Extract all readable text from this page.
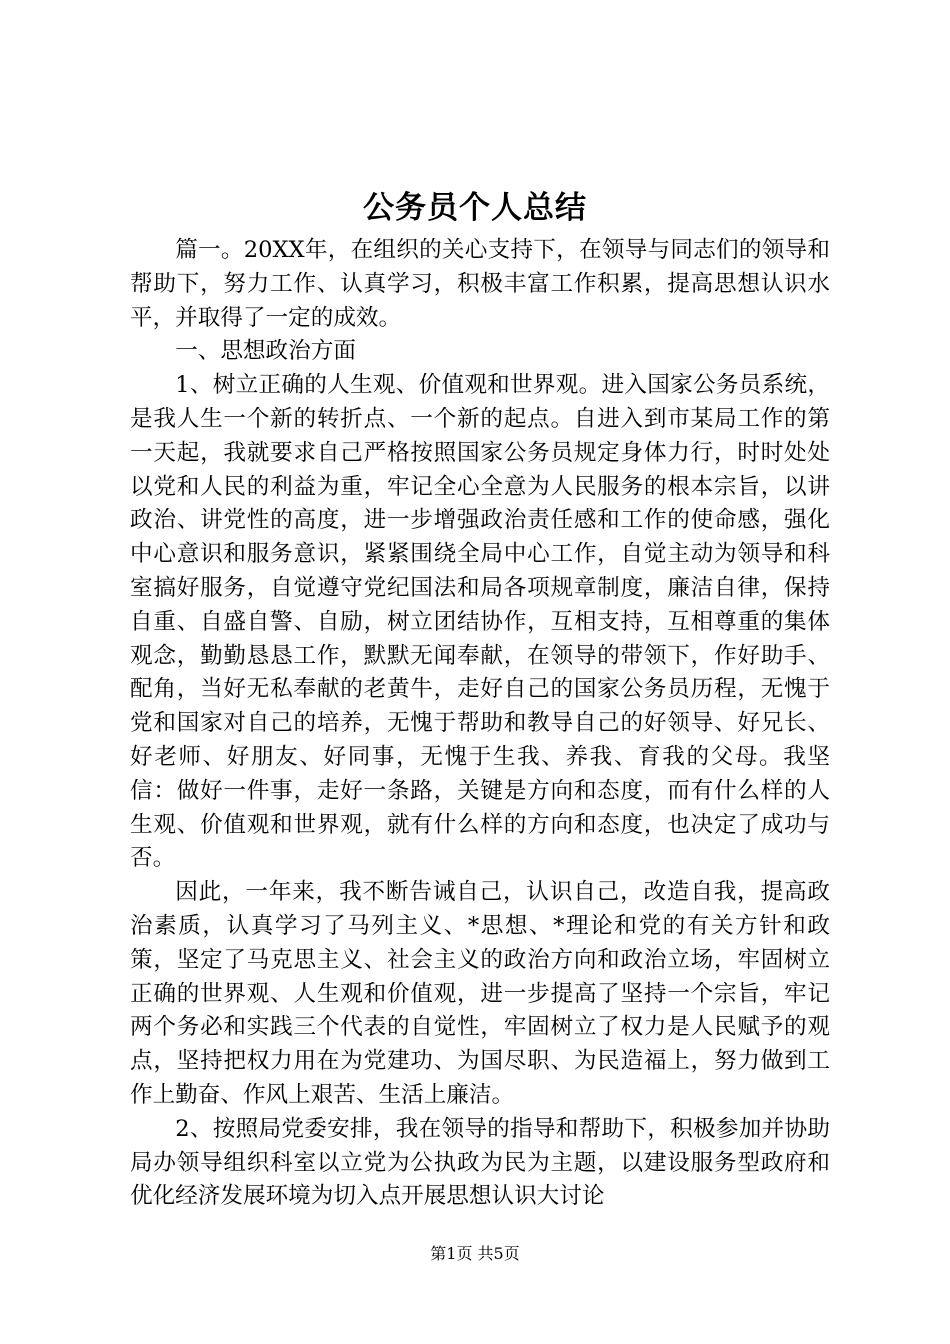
公务员个人总结

篇一。20XX年，在组织的关心支持下，在领导与同志们的领导和帮助下，努力工作、认真学习，积极丰富工作积累，提高思想认识水平，并取得了一定的成效。

一、思想政治方面

1、树立正确的人生观、价值观和世界观。进入国家公务员系统，是我人生一个新的转折点、一个新的起点。自进入到市某局工作的第一天起，我就要求自己严格按照国家公务员规定身体力行，时时处处以党和人民的利益为重，牢记全心全意为人民服务的根本宗旨，以讲政治、讲党性的高度，进一步增强政治责任感和工作的使命感，强化中心意识和服务意识，紧紧围绕全局中心工作，自觉主动为领导和科室搞好服务，自觉遵守党纪国法和局各项规章制度，廉洁自律，保持自重、自盛自警、自励，树立团结协作，互相支持，互相尊重的集体观念，勤勤恳恳工作，默默无闻奉献，在领导的带领下，作好助手、配角，当好无私奉献的老黄牛，走好自己的国家公务员历程，无愧于党和国家对自己的培养，无愧于帮助和教导自己的好领导、好兄长、好老师、好朋友、好同事，无愧于生我、养我、育我的父母。我坚信：做好一件事，走好一条路，关键是方向和态度，而有什么样的人生观、价值观和世界观，就有什么样的方向和态度，也决定了成功与否。

因此，一年来，我不断告诫自己，认识自己，改造自我，提高政治素质，认真学习了马列主义、*思想、*理论和党的有关方针和政策，坚定了马克思主义、社会主义的政治方向和政治立场，牢固树立正确的世界观、人生观和价值观，进一步提高了坚持一个宗旨，牢记两个务必和实践三个代表的自觉性，牢固树立了权力是人民赋予的观点，坚持把权力用在为党建功、为国尽职、为民造福上，努力做到工作上勤奋、作风上艰苦、生活上廉洁。

2、按照局党委安排，我在领导的指导和帮助下，积极参加并协助局办领导组织科室以立党为公执政为民为主题，以建设服务型政府和优化经济发展环境为切入点开展思想认识大讨论

第1页 共5页
